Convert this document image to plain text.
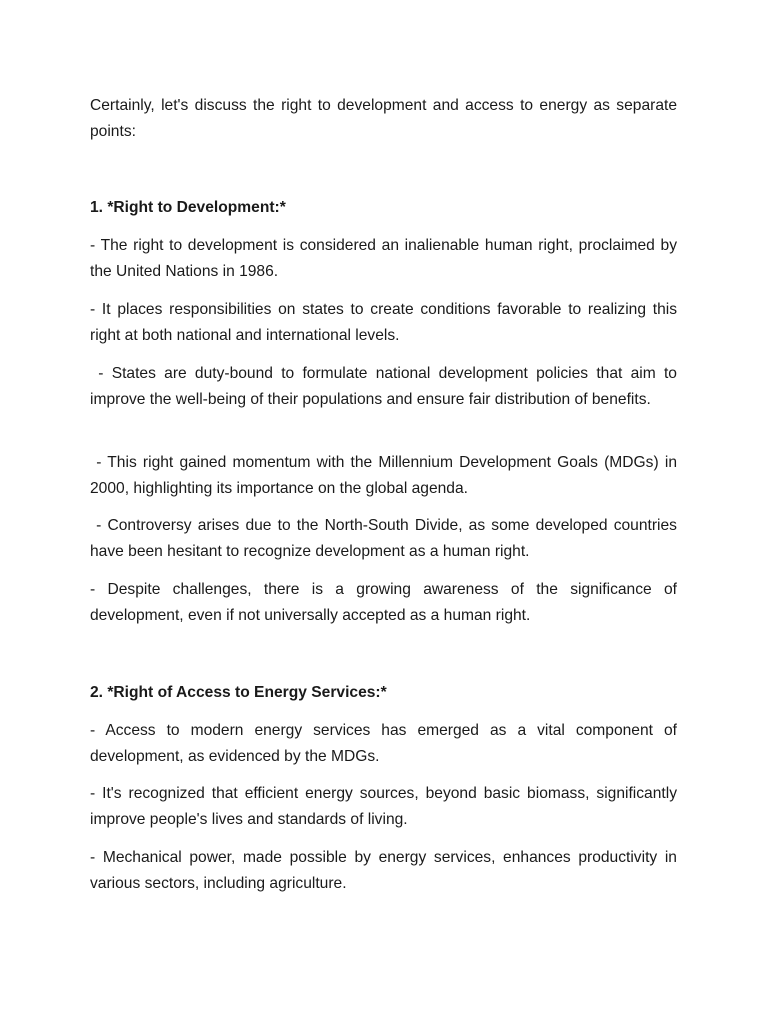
Certainly, let's discuss the right to development and access to energy as separate points:

1. *Right to Development:*

- The right to development is considered an inalienable human right, proclaimed by the United Nations in 1986.

- It places responsibilities on states to create conditions favorable to realizing this right at both national and international levels.

- States are duty-bound to formulate national development policies that aim to improve the well-being of their populations and ensure fair distribution of benefits.

- This right gained momentum with the Millennium Development Goals (MDGs) in 2000, highlighting its importance on the global agenda.

- Controversy arises due to the North-South Divide, as some developed countries have been hesitant to recognize development as a human right.

- Despite challenges, there is a growing awareness of the significance of development, even if not universally accepted as a human right.

2. *Right of Access to Energy Services:*

- Access to modern energy services has emerged as a vital component of development, as evidenced by the MDGs.

- It's recognized that efficient energy sources, beyond basic biomass, significantly improve people's lives and standards of living.

- Mechanical power, made possible by energy services, enhances productivity in various sectors, including agriculture.
